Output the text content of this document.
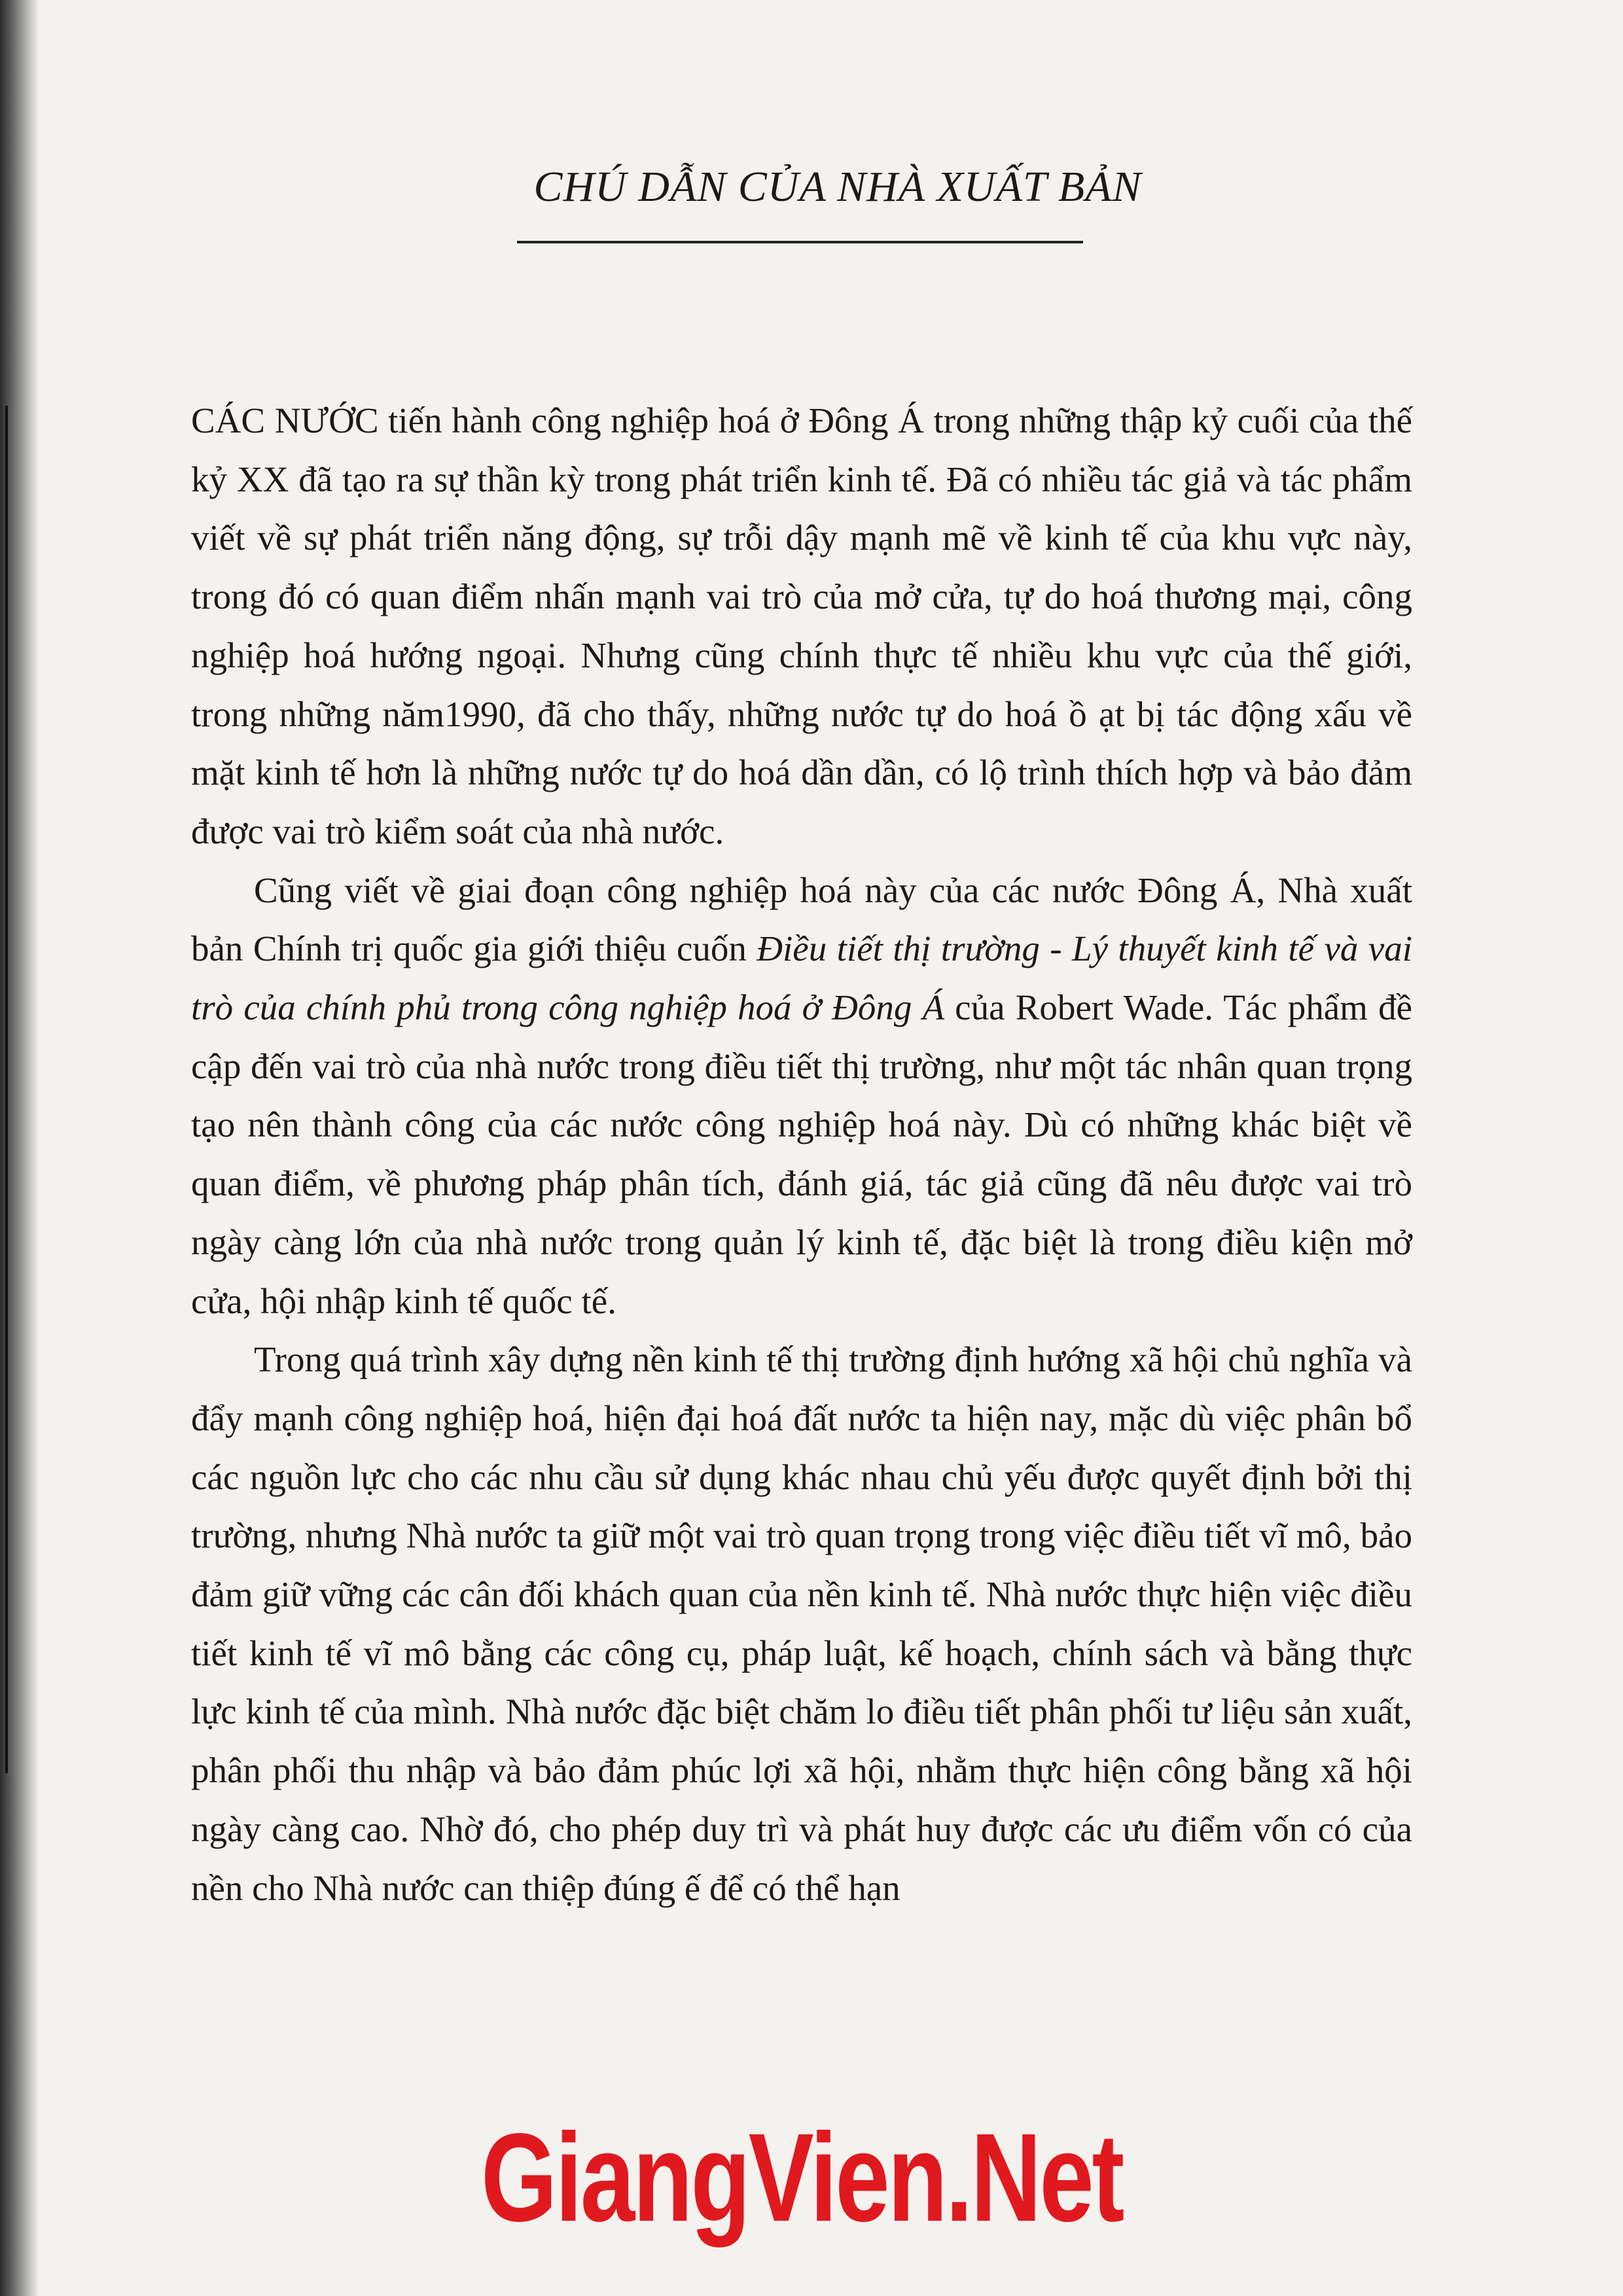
CHÚ DẪN CỦA NHÀ XUẤT BẢN

CÁC NƯỚC tiến hành công nghiệp hoá ở Đông Á trong những thập kỷ cuối của thế kỷ XX đã tạo ra sự thần kỳ trong phát triển kinh tế. Đã có nhiều tác giả và tác phẩm viết về sự phát triển năng động, sự trỗi dậy mạnh mẽ về kinh tế của khu vực này, trong đó có quan điểm nhấn mạnh vai trò của mở cửa, tự do hoá thương mại, công nghiệp hoá hướng ngoại. Nhưng cũng chính thực tế nhiều khu vực của thế giới, trong những năm1990, đã cho thấy, những nước tự do hoá ồ ạt bị tác động xấu về mặt kinh tế hơn là những nước tự do hoá dần dần, có lộ trình thích hợp và bảo đảm được vai trò kiểm soát của nhà nước.

Cũng viết về giai đoạn công nghiệp hoá này của các nước Đông Á, Nhà xuất bản Chính trị quốc gia giới thiệu cuốn Điều tiết thị trường - Lý thuyết kinh tế và vai trò của chính phủ trong công nghiệp hoá ở Đông Á của Robert Wade. Tác phẩm đề cập đến vai trò của nhà nước trong điều tiết thị trường, như một tác nhân quan trọng tạo nên thành công của các nước công nghiệp hoá này. Dù có những khác biệt về quan điểm, về phương pháp phân tích, đánh giá, tác giả cũng đã nêu được vai trò ngày càng lớn của nhà nước trong quản lý kinh tế, đặc biệt là trong điều kiện mở cửa, hội nhập kinh tế quốc tế.

Trong quá trình xây dựng nền kinh tế thị trường định hướng xã hội chủ nghĩa và đẩy mạnh công nghiệp hoá, hiện đại hoá đất nước ta hiện nay, mặc dù việc phân bổ các nguồn lực cho các nhu cầu sử dụng khác nhau chủ yếu được quyết định bởi thị trường, nhưng Nhà nước ta giữ một vai trò quan trọng trong việc điều tiết vĩ mô, bảo đảm giữ vững các cân đối khách quan của nền kinh tế. Nhà nước thực hiện việc điều tiết kinh tế vĩ mô bằng các công cụ, pháp luật, kế hoạch, chính sách và bằng thực lực kinh tế của mình. Nhà nước đặc biệt chăm lo điều tiết phân phối tư liệu sản xuất, phân phối thu nhập và bảo đảm phúc lợi xã hội, nhằm thực hiện công bằng xã hội ngày càng cao. Nhờ đó, cho phép duy trì và phát huy được các ưu điểm vốn có của nền cho Nhà nước can thiệp đúng ế để có thể hạn

GiangVien.Net
